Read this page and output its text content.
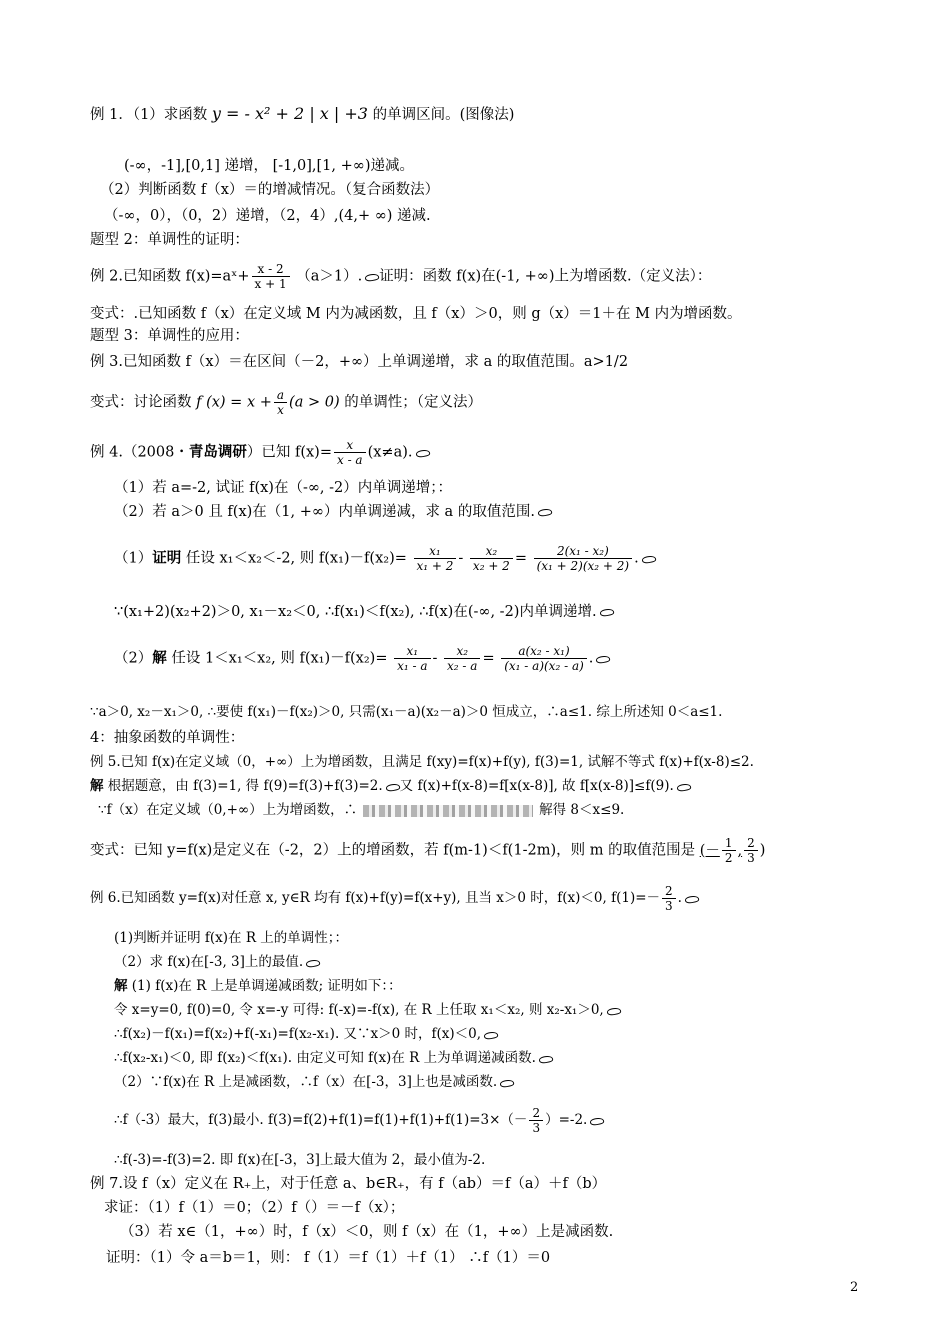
例 1．（1）求函数 y = - x² + 2 | x | +3 的单调区间。(图像法)
(-∞，-1],[0,1] 递增， [-1,0],[1, +∞)递减。
（2）判断函数 f（x）＝的增减情况。（复合函数法）
（-∞，0），（0，2）递增，（2，4）,(4,+ ∞) 递减.
题型 2：单调性的证明：
例 2.已知函数 f(x)=aˣ+ $\frac{x - 2}{x + 1} (a>1)$. 证明：函数 f(x)在(-1, +∞)上为增函数.（定义法）：
变式：.已知函数 f（x）在定义域 M 内为减函数，且 f（x）＞0，则 g（x）＝1＋在 M 内为增函数。
题型 3：单调性的应用：
例 3.已知函数 f（x）＝在区间（－2，+∞）上单调递增，求 a 的取值范围。a>1/2
变式：讨论函数 f $(x) = x + \frac{a}{x} (a > 0)$ 的单调性；（定义法）
例 4.（2008・青岛调研）已知 $f(x)= \frac{x}{x - a} (x\ne a)$.
（1）若 a=-2, 试证 f(x)在（-∞, -2）内单调递增；：
（2）若 a＞0 且 f(x)在（1, +∞）内单调递减，求 a 的取值范围.
（1）证明 任设 x₁＜x₂＜-2, 则 $f(x_1)-f(x_2)= \frac{\text{x₁}}{\text{x₁ + 2}} - \frac{\text{x₂}}{\text{x₂ + 2}} = \frac{\text{2(x₁ - x₂)}}{\text{(x₁ + 2)(x₂ + 2)}}$ .
∵(x₁+2)(x₂+2)＞0, x₁－x₂＜0, ∴f(x₁)＜f(x₂), ∴f(x)在(-∞, -2)内单调递增.
（2）解 任设 1＜x₁＜x₂, 则 $f(x_1)-f(x_2)= \frac{\text{x₁}}{\text{x₁ - a}} - \frac{\text{x₂}}{\text{x₂ - a}} = \frac{\text{a(x₂ - x₁)}}{\text{(x₁ - a)(x₂ - a)}}$ .
∵a＞0, x₂－x₁＞0, ∴要使 f(x₁)－f(x₂)＞0, 只需(x₁－a)(x₂－a)＞0 恒成立，∴a≤1. 综上所述知 0＜a≤1.
4：抽象函数的单调性：
例 5.已知 f(x)在定义域（0，+∞）上为增函数，且满足 f(xy)=f(x)+f(y), f(3)=1, 试解不等式 f(x)+f(x-8)≤2.
解 根据题意，由 f(3)=1, 得 f(9)=f(3)+f(3)=2. 又 f(x)+f(x-8)=f[x(x-8)], 故 f[x(x-8)]≤f(9).
∵f（x）在定义域（0,+∞）上为增函数，∴	解得 8＜x≤9.
变式：已知 y=f(x)是定义在（-2，2）上的增函数，若 f(m-1)＜f(1-2m)，则 m 的取值范围是 (－ $\frac{1}{2}$ , $\frac{2}{3}$ )
例 6.已知函数 y=f(x)对任意 x, y∈R 均有 f(x)+f(y)=f(x+y), 且当 x＞0 时，f(x)＜0, $f(1)=- \frac{2}{3}$ .
(1)判断并证明 f(x)在 R 上的单调性；：
（2）求 f(x)在[-3, 3]上的最值.
解 (1) f(x)在 R 上是单调递减函数; 证明如下：：
令 x=y=0, f(0)=0, 令 x=-y 可得: f(-x)=-f(x), 在 R 上任取 x₁＜x₂, 则 x₂-x₁＞0,
∴f(x₂)－f(x₁)=f(x₂)+f(-x₁)=f(x₂-x₁). 又∵x＞0 时，f(x)＜0,
∴f(x₂-x₁)＜0, 即 f(x₂)＜f(x₁). 由定义可知 f(x)在 R 上为单调递减函数.
（2）∵f(x)在 R 上是减函数，∴f（x）在[-3，3]上也是减函数.
∴f（-3）最大，f(3)最小. $f(3)=f(2)+f(1)=f(1)+f(1)+f(1)=3\times(- \frac{2}{3} )=-2$.
∴f(-3)=-f(3)=2. 即 f(x)在[-3，3]上最大值为 2，最小值为-2.
例 7.设 f（x）定义在 R₊上，对于任意 a、b∈R₊，有 f（ab）＝f（a）＋f（b）
求证：（1）f（1）＝0；（2）f（）＝－f（x）；
（3）若 x∈（1，+∞）时，f（x）＜0，则 f（x）在（1，+∞）上是减函数.
证明：（1）令 a＝b＝1，则： f（1）＝f（1）＋f（1） ∴f（1）＝0
2
